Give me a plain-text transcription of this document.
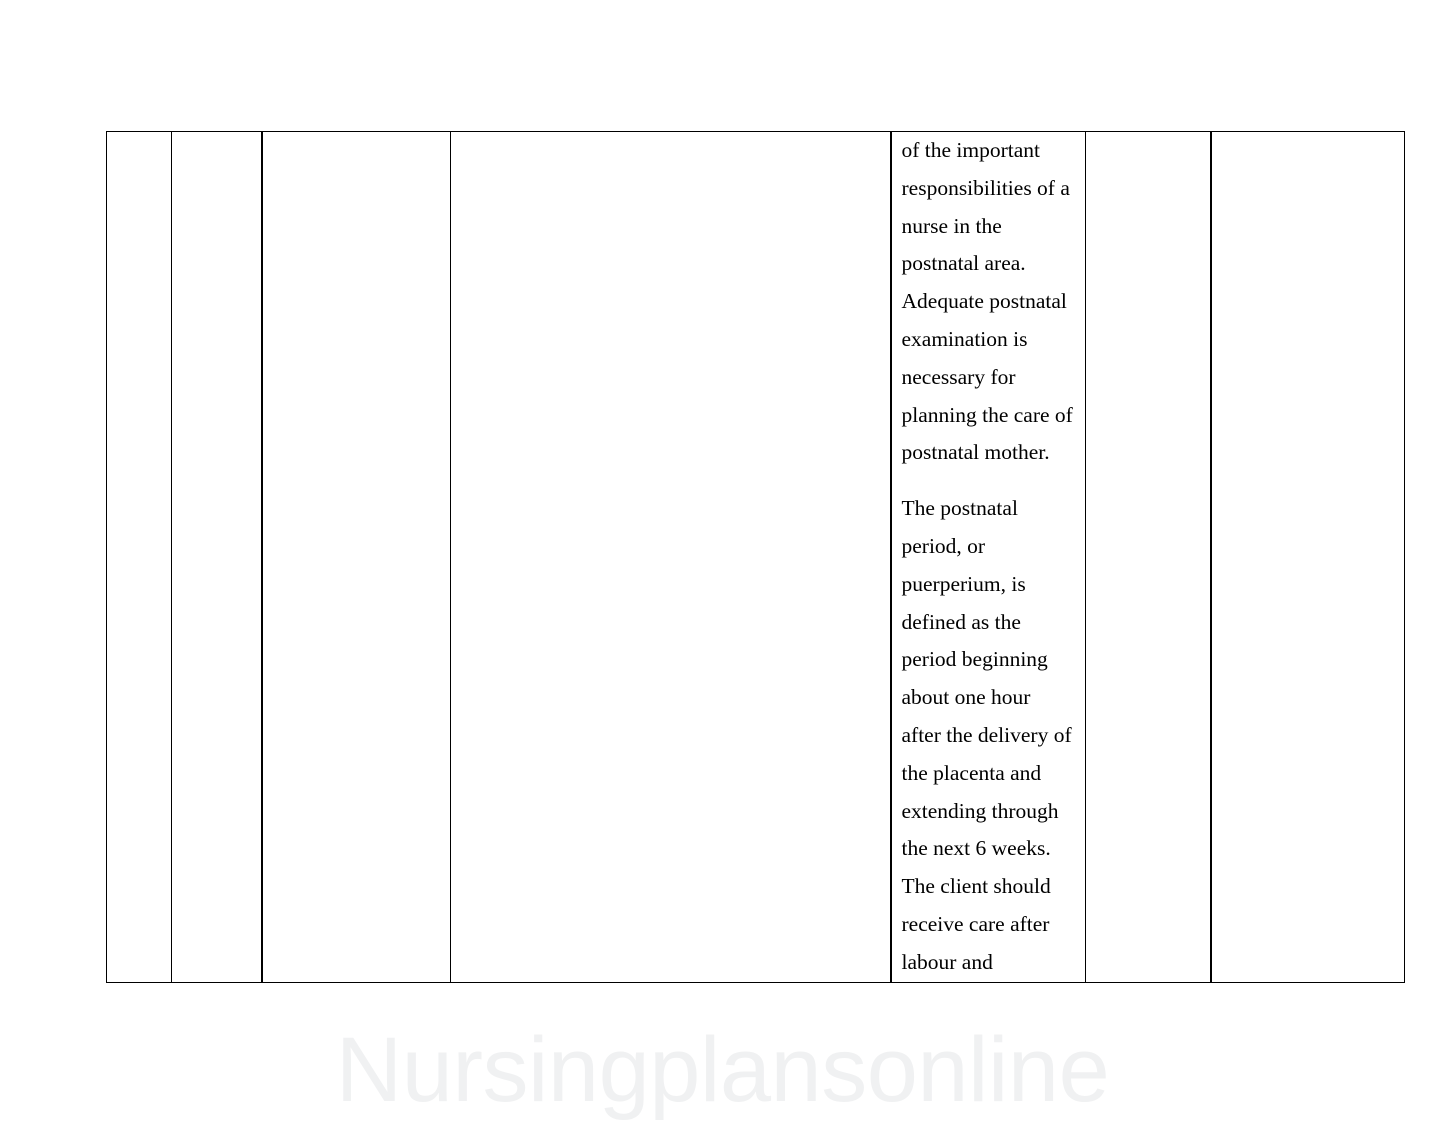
of the important
responsibilities of a
nurse in the
postnatal area.
Adequate postnatal
examination is
necessary for
planning the care of
postnatal mother.

The postnatal
period, or
puerperium, is
defined as the
period beginning
about one hour
after the delivery of
the placenta and
extending through
the next 6 weeks.
The client should
receive care after
labour and

Nursingplansonline
